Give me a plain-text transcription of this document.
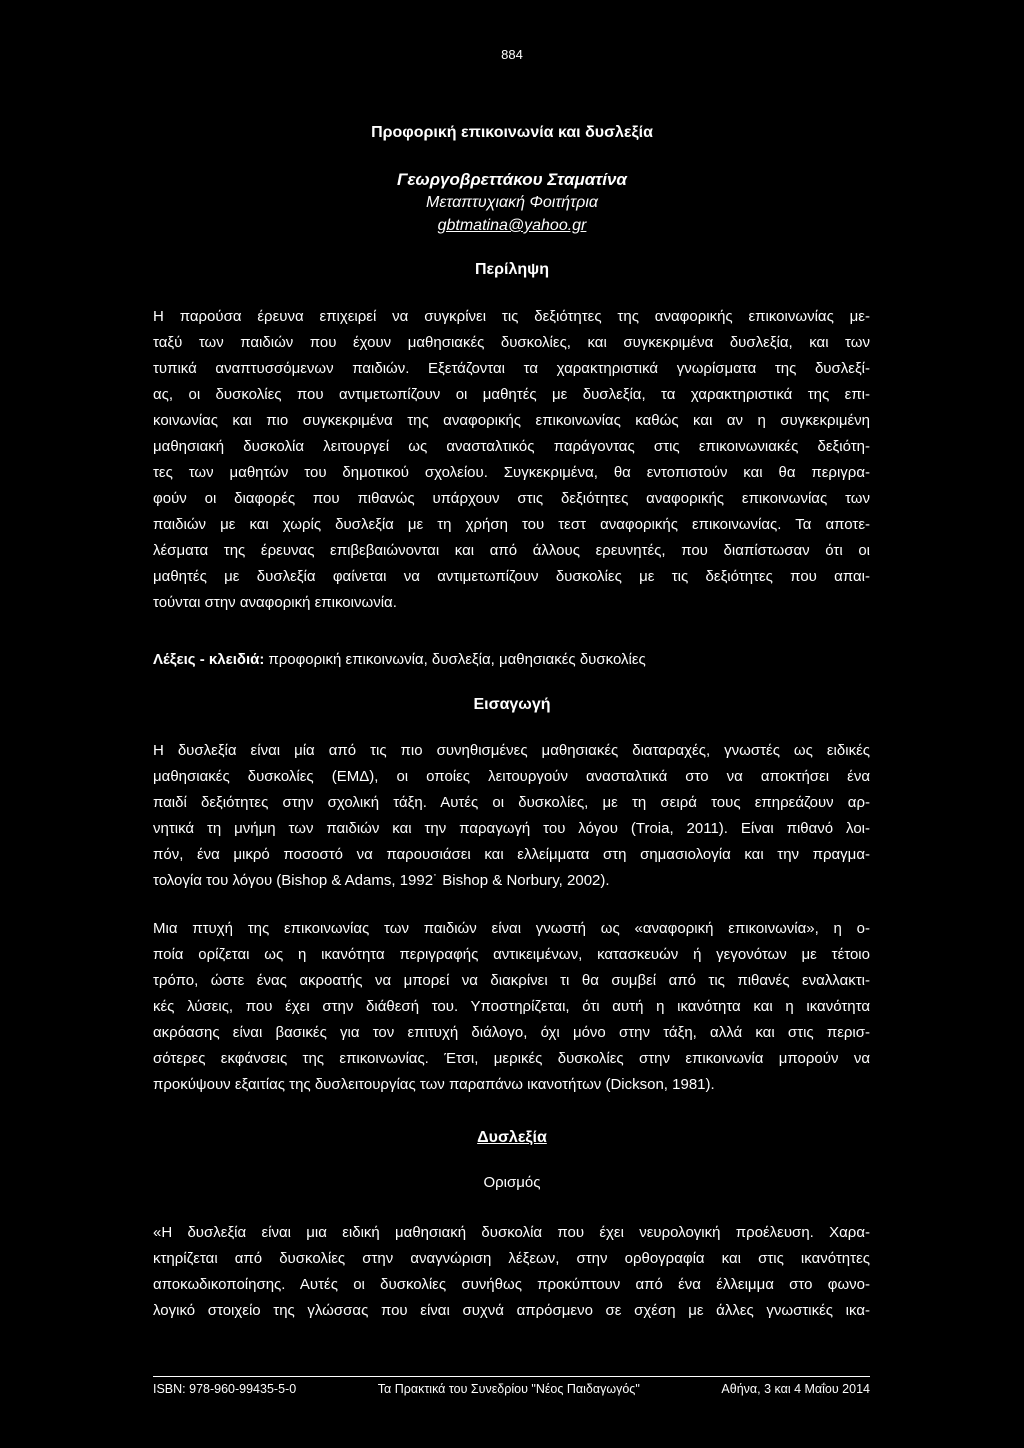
884
Προφορική επικοινωνία και δυσλεξία
Γεωργοβρεττάκου Σταματίνα
Μεταπτυχιακή Φοιτήτρια
gbtmatina@yahoo.gr
Περίληψη
Η παρούσα έρευνα επιχειρεί να συγκρίνει τις δεξιότητες της αναφορικής επικοινωνίας με-
ταξύ των παιδιών που έχουν μαθησιακές δυσκολίες, και συγκεκριμένα δυσλεξία, και των
τυπικά αναπτυσσόμενων παιδιών. Εξετάζονται τα χαρακτηριστικά γνωρίσματα της δυσλεξί-
ας, οι δυσκολίες που αντιμετωπίζουν οι μαθητές με δυσλεξία, τα χαρακτηριστικά της επι-
κοινωνίας και πιο συγκεκριμένα της αναφορικής επικοινωνίας καθώς και αν η συγκεκριμένη
μαθησιακή δυσκολία λειτουργεί ως ανασταλτικός παράγοντας στις επικοινωνιακές δεξιότη-
τες των μαθητών του δημοτικού σχολείου. Συγκεκριμένα, θα εντοπιστούν και θα περιγρα-
φούν οι διαφορές που πιθανώς υπάρχουν στις δεξιότητες αναφορικής επικοινωνίας των
παιδιών με και χωρίς δυσλεξία με τη χρήση του τεστ αναφορικής επικοινωνίας. Τα αποτε-
λέσματα της έρευνας επιβεβαιώνονται και από άλλους ερευνητές, που διαπίστωσαν ότι οι
μαθητές με δυσλεξία φαίνεται να αντιμετωπίζουν δυσκολίες με τις δεξιότητες που απαι-
τούνται στην αναφορική επικοινωνία.
Λέξεις - κλειδιά: προφορική επικοινωνία, δυσλεξία, μαθησιακές δυσκολίες
Εισαγωγή
Η δυσλεξία είναι μία από τις πιο συνηθισμένες μαθησιακές διαταραχές, γνωστές ως ειδικές
μαθησιακές δυσκολίες (ΕΜΔ), οι οποίες λειτουργούν ανασταλτικά στο να αποκτήσει ένα
παιδί δεξιότητες στην σχολική τάξη. Αυτές οι δυσκολίες, με τη σειρά τους επηρεάζουν αρ-
νητικά τη μνήμη των παιδιών και την παραγωγή του λόγου (Troia, 2011). Είναι πιθανό λοι-
πόν, ένα μικρό ποσοστό να παρουσιάσει και ελλείμματα στη σημασιολογία και την πραγμα-
τολογία του λόγου (Bishop & Adams, 1992˙ Bishop & Norbury, 2002).
Μια πτυχή της επικοινωνίας των παιδιών είναι γνωστή ως «αναφορική επικοινωνία», η ο-
ποία ορίζεται ως η ικανότητα περιγραφής αντικειμένων, κατασκευών ή γεγονότων με τέτοιο
τρόπο, ώστε ένας ακροατής να μπορεί να διακρίνει τι θα συμβεί από τις πιθανές εναλλακτι-
κές λύσεις, που έχει στην διάθεσή του. Υποστηρίζεται, ότι αυτή η ικανότητα και η ικανότητα
ακρόασης είναι βασικές για τον επιτυχή διάλογο, όχι μόνο στην τάξη, αλλά και στις περισ-
σότερες εκφάνσεις της επικοινωνίας. Έτσι, μερικές δυσκολίες στην επικοινωνία μπορούν να
προκύψουν εξαιτίας της δυσλειτουργίας των παραπάνω ικανοτήτων (Dickson, 1981).
Δυσλεξία
Ορισμός
«Η δυσλεξία είναι μια ειδική μαθησιακή δυσκολία που έχει νευρολογική προέλευση. Χαρα-
κτηρίζεται από δυσκολίες στην αναγνώριση λέξεων, στην ορθογραφία και στις ικανότητες
αποκωδικοποίησης. Αυτές οι δυσκολίες συνήθως προκύπτουν από ένα έλλειμμα στο φωνο-
λογικό στοιχείο της γλώσσας που είναι συχνά απρόσμενο σε σχέση με άλλες γνωστικές ικα-
ISBN: 978-960-99435-5-0	Τα Πρακτικά του Συνεδρίου "Νέος Παιδαγωγός"	Αθήνα, 3 και 4 Μαΐου 2014
